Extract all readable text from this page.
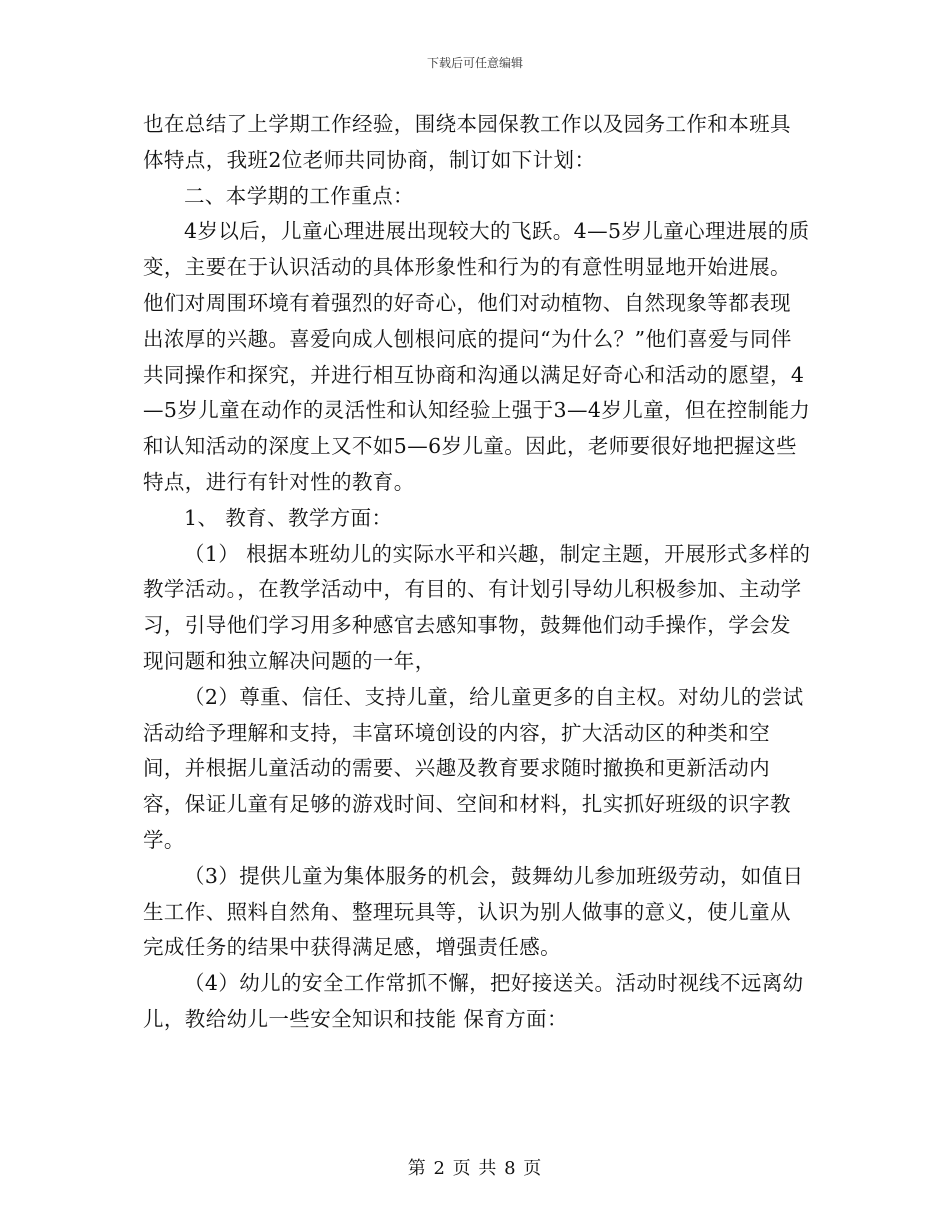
下载后可任意编辑

也在总结了上学期工作经验，围绕本园保教工作以及园务工作和本班具体特点，我班2位老师共同协商，制订如下计划：

二、本学期的工作重点：

4岁以后，儿童心理进展出现较大的飞跃。4—5岁儿童心理进展的质变，主要在于认识活动的具体形象性和行为的有意性明显地开始进展。他们对周围环境有着强烈的好奇心，他们对动植物、自然现象等都表现出浓厚的兴趣。喜爱向成人刨根问底的提问“为什么？”他们喜爱与同伴共同操作和探究，并进行相互协商和沟通以满足好奇心和活动的愿望，4—5岁儿童在动作的灵活性和认知经验上强于3—4岁儿童，但在控制能力和认知活动的深度上又不如5—6岁儿童。因此，老师要很好地把握这些特点，进行有针对性的教育。

1、 教育、教学方面：

（1） 根据本班幼儿的实际水平和兴趣，制定主题，开展形式多样的教学活动。，在教学活动中，有目的、有计划引导幼儿积极参加、主动学习，引导他们学习用多种感官去感知事物，鼓舞他们动手操作，学会发现问题和独立解决问题的一年，

（2）尊重、信任、支持儿童，给儿童更多的自主权。对幼儿的尝试活动给予理解和支持，丰富环境创设的内容，扩大活动区的种类和空间，并根据儿童活动的需要、兴趣及教育要求随时撤换和更新活动内容，保证儿童有足够的游戏时间、空间和材料，扎实抓好班级的识字教学。

（3）提供儿童为集体服务的机会，鼓舞幼儿参加班级劳动，如值日生工作、照料自然角、整理玩具等，认识为别人做事的意义，使儿童从完成任务的结果中获得满足感，增强责任感。

（4）幼儿的安全工作常抓不懈，把好接送关。活动时视线不远离幼儿，教给幼儿一些安全知识和技能 保育方面：

第 2 页 共 8 页
